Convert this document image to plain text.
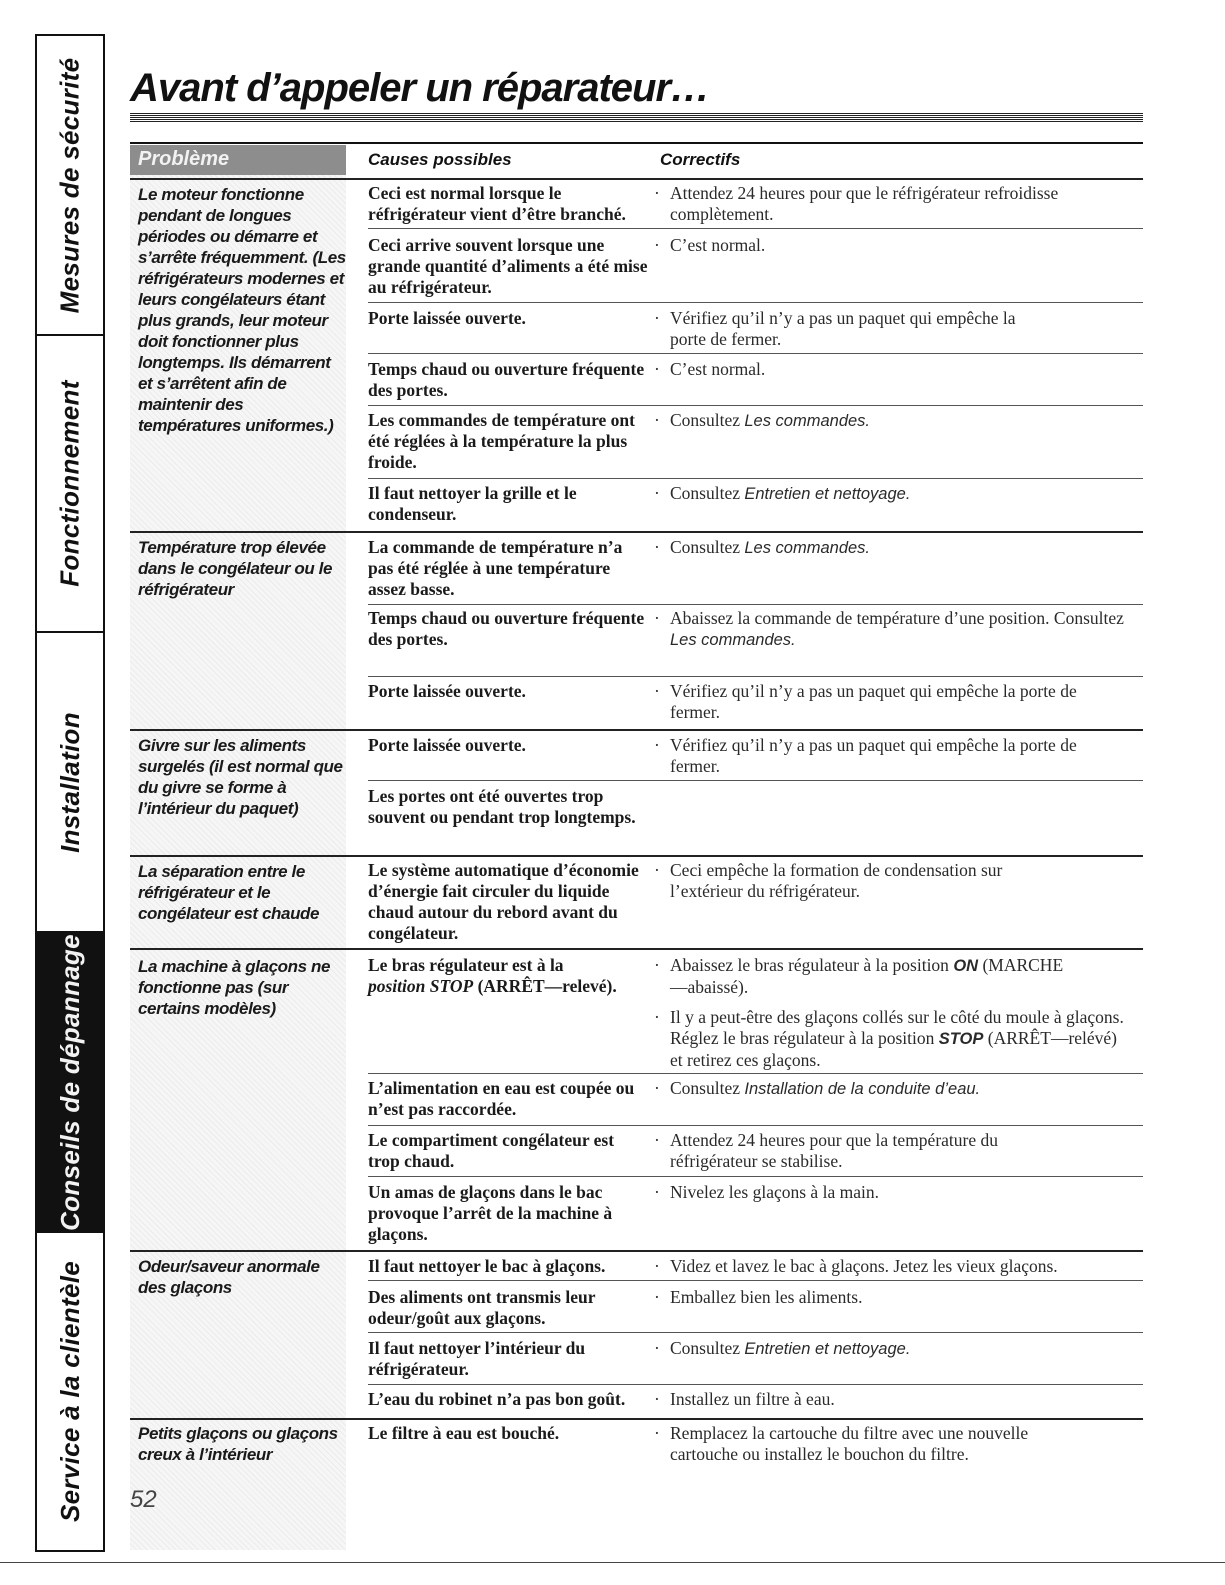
Mesures de sécurité
Fonctionnement
Installation
Conseils de dépannage
Service à la clientèle
Avant d’appeler un réparateur…
Problème	Causes possibles	Correctifs
Le moteur fonctionne pendant de longues périodes ou démarre et s’arrête fréquemment. (Les réfrigérateurs modernes et leurs congélateurs étant plus grands, leur moteur doit fonctionner plus longtemps. Ils démarrent et s’arrêtent afin de maintenir des températures uniformes.)
Température trop élevée dans le congélateur ou le réfrigérateur
Givre sur les aliments surgelés (il est normal que du givre se forme à l’intérieur du paquet)
La séparation entre le réfrigérateur et le congélateur est chaude
La machine à glaçons ne fonctionne pas (sur certains modèles)
Odeur/saveur anormale des glaçons
Petits glaçons ou glaçons creux à l’intérieur
Ceci est normal lorsque le réfrigérateur vient d’être branché.
Ceci arrive souvent lorsque une grande quantité d’aliments a été mise au réfrigérateur.
Porte laissée ouverte.
Temps chaud ou ouverture fréquente des portes.
Les commandes de température ont été réglées à la température la plus froide.
Il faut nettoyer la grille et le condenseur.
La commande de température n’a pas été réglée à une température assez basse.
Temps chaud ou ouverture fréquente des portes.
Porte laissée ouverte.
Porte laissée ouverte.
Les portes ont été ouvertes trop souvent ou pendant trop longtemps.
Le système automatique d’économie d’énergie fait circuler du liquide chaud autour du rebord avant du congélateur.
Le bras régulateur est à la
position STOP (ARRÊT—relevé).
L’alimentation en eau est coupée ou n’est pas raccordée.
Le compartiment congélateur est trop chaud.
Un amas de glaçons dans le bac provoque l’arrêt de la machine à glaçons.
Il faut nettoyer le bac à glaçons.
Des aliments ont transmis leur odeur/goût aux glaçons.
Il faut nettoyer l’intérieur du réfrigérateur.
L’eau du robinet n’a pas bon goût.
Le filtre à eau est bouché.
· Attendez 24 heures pour que le réfrigérateur refroidisse complètement.
· C’est normal.
· Vérifiez qu’il n’y a pas un paquet qui empêche la porte de fermer.
· C’est normal.
· Consultez Les commandes.
· Consultez Entretien et nettoyage.
· Consultez Les commandes.
· Abaissez la commande de température d’une position. Consultez Les commandes.
· Vérifiez qu’il n’y a pas un paquet qui empêche la porte de fermer.
· Vérifiez qu’il n’y a pas un paquet qui empêche la porte de fermer.
· Ceci empêche la formation de condensation sur l’extérieur du réfrigérateur.
· Abaissez le bras régulateur à la position ON (MARCHE—abaissé).
· Il y a peut-être des glaçons collés sur le côté du moule à glaçons. Réglez le bras régulateur à la position STOP (ARRÊT—relévé) et retirez ces glaçons.
· Consultez Installation de la conduite d’eau.
· Attendez 24 heures pour que la température du réfrigérateur se stabilise.
· Nivelez les glaçons à la main.
· Videz et lavez le bac à glaçons. Jetez les vieux glaçons.
· Emballez bien les aliments.
· Consultez Entretien et nettoyage.
· Installez un filtre à eau.
· Remplacez la cartouche du filtre avec une nouvelle cartouche ou installez le bouchon du filtre.
52
